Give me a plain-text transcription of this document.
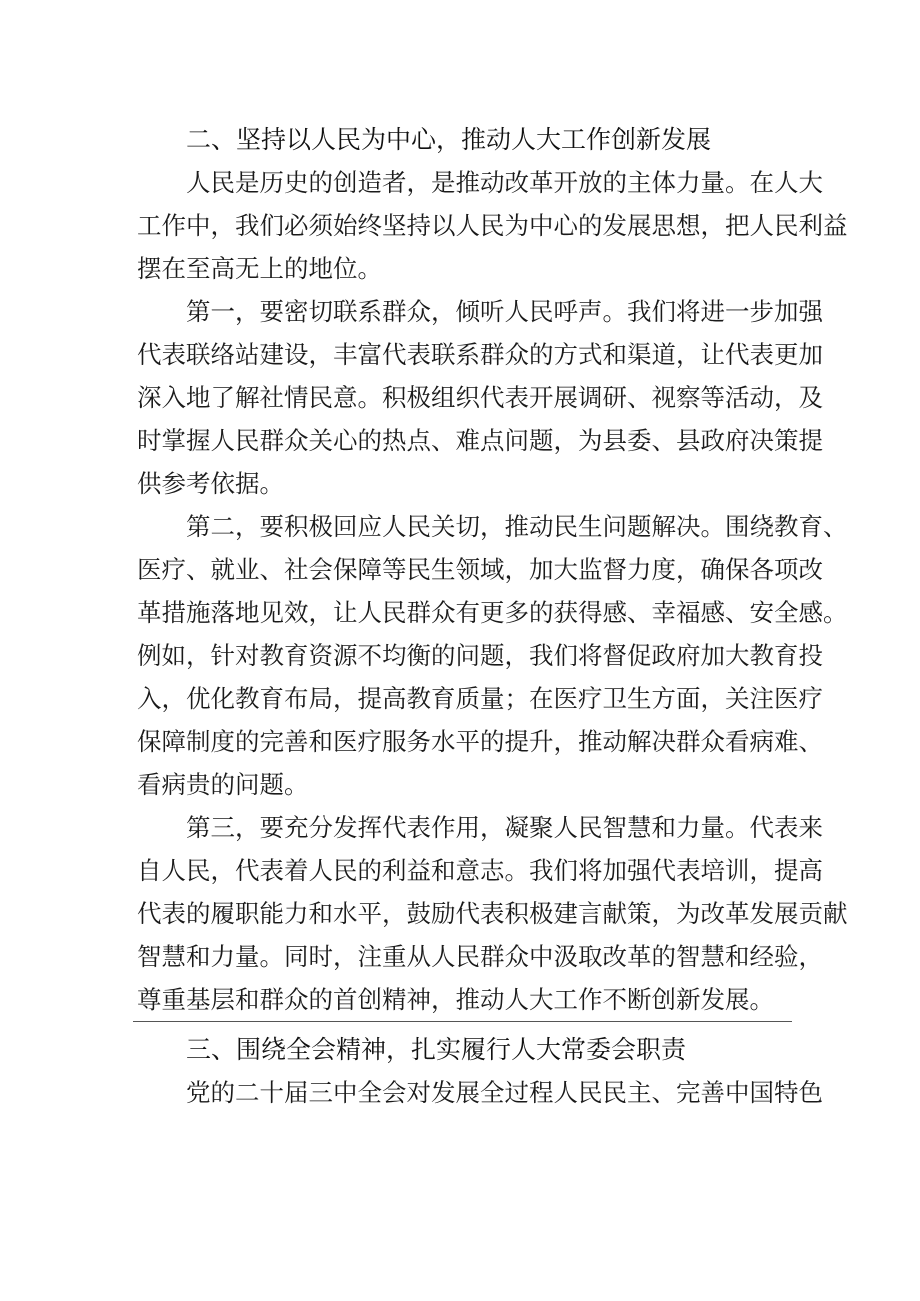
二、坚持以人民为中心，推动人大工作创新发展
人民是历史的创造者，是推动改革开放的主体力量。在人大
工作中，我们必须始终坚持以人民为中心的发展思想，把人民利益
摆在至高无上的地位。
第一，要密切联系群众，倾听人民呼声。我们将进一步加强
代表联络站建设，丰富代表联系群众的方式和渠道，让代表更加
深入地了解社情民意。积极组织代表开展调研、视察等活动，及
时掌握人民群众关心的热点、难点问题，为县委、县政府决策提
供参考依据。
第二，要积极回应人民关切，推动民生问题解决。围绕教育、
医疗、就业、社会保障等民生领域，加大监督力度，确保各项改
革措施落地见效，让人民群众有更多的获得感、幸福感、安全感。
例如，针对教育资源不均衡的问题，我们将督促政府加大教育投
入，优化教育布局，提高教育质量；在医疗卫生方面，关注医疗
保障制度的完善和医疗服务水平的提升，推动解决群众看病难、
看病贵的问题。
第三，要充分发挥代表作用，凝聚人民智慧和力量。代表来
自人民，代表着人民的利益和意志。我们将加强代表培训，提高
代表的履职能力和水平，鼓励代表积极建言献策，为改革发展贡献
智慧和力量。同时，注重从人民群众中汲取改革的智慧和经验，
尊重基层和群众的首创精神，推动人大工作不断创新发展。
三、围绕全会精神，扎实履行人大常委会职责
党的二十届三中全会对发展全过程人民民主、完善中国特色
